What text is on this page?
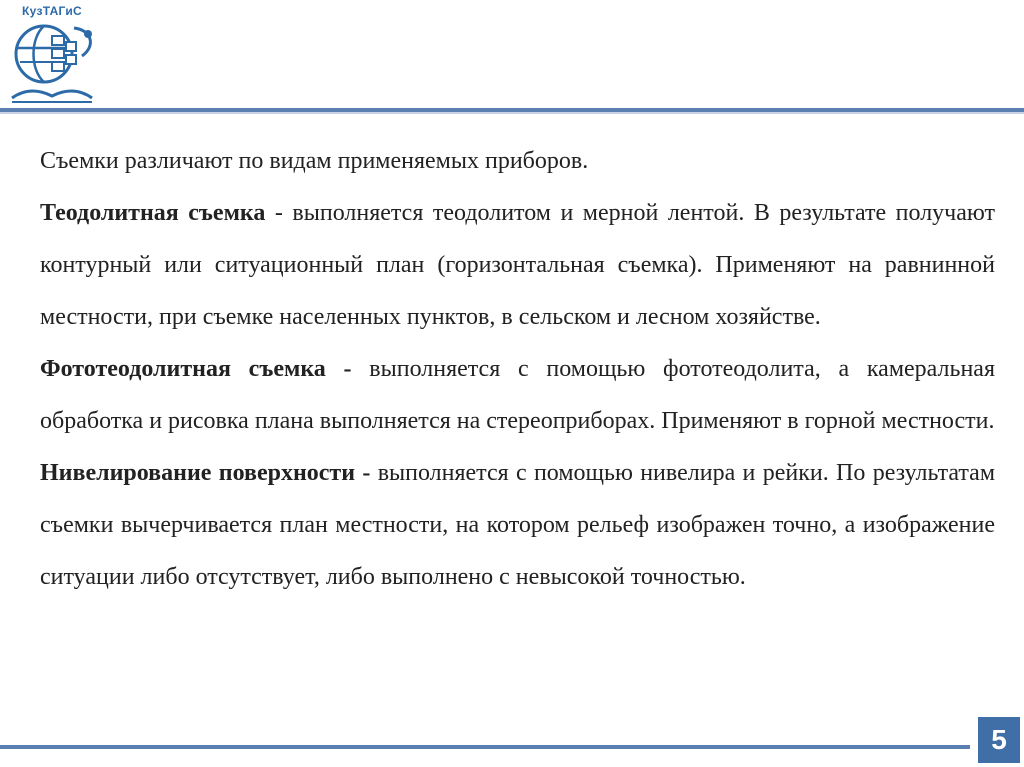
КузТАГиС

Съемки различают по видам применяемых приборов.

Теодолитная съемка - выполняется теодолитом и мерной лентой. В результате получают контурный или ситуационный план (горизонтальная съемка). Применяют на равнинной местности, при съемке населенных пунктов, в сельском и лесном хозяйстве.

Фототеодолитная съемка - выполняется с помощью фототеодолита, а камеральная обработка и рисовка плана выполняется на стереоприборах. Применяют в горной местности.

Нивелирование поверхности - выполняется с помощью нивелира и рейки. По результатам съемки вычерчивается план местности, на котором рельеф изображен точно, а изображение ситуации либо отсутствует, либо выполнено с невысокой точностью.

5
